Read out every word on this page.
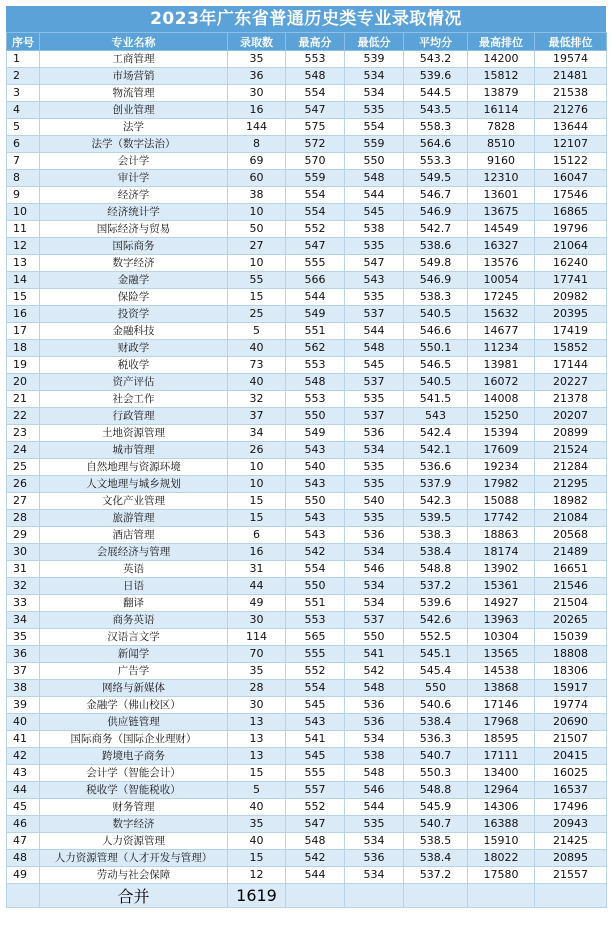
2023年广东省普通历史类专业录取情况
序号	专业名称	录取数	最高分	最低分	平均分	最高排位	最低排位
1	工商管理	35	553	539	543.2	14200	19574
2	市场营销	36	548	534	539.6	15812	21481
3	物流管理	30	554	534	544.5	13879	21538
4	创业管理	16	547	535	543.5	16114	21276
5	法学	144	575	554	558.3	7828	13644
6	法学（数字法治）	8	572	559	564.6	8510	12107
7	会计学	69	570	550	553.3	9160	15122
8	审计学	60	559	548	549.5	12310	16047
9	经济学	38	554	544	546.7	13601	17546
10	经济统计学	10	554	545	546.9	13675	16865
11	国际经济与贸易	50	552	538	542.7	14549	19796
12	国际商务	27	547	535	538.6	16327	21064
13	数字经济	10	555	547	549.8	13576	16240
14	金融学	55	566	543	546.9	10054	17741
15	保险学	15	544	535	538.3	17245	20982
16	投资学	25	549	537	540.5	15632	20395
17	金融科技	5	551	544	546.6	14677	17419
18	财政学	40	562	548	550.1	11234	15852
19	税收学	73	553	545	546.5	13981	17144
20	资产评估	40	548	537	540.5	16072	20227
21	社会工作	32	553	535	541.5	14008	21378
22	行政管理	37	550	537	543	15250	20207
23	土地资源管理	34	549	536	542.4	15394	20899
24	城市管理	26	543	534	542.1	17609	21524
25	自然地理与资源环境	10	540	535	536.6	19234	21284
26	人文地理与城乡规划	10	543	535	537.9	17982	21295
27	文化产业管理	15	550	540	542.3	15088	18982
28	旅游管理	15	543	535	539.5	17742	21084
29	酒店管理	6	543	536	538.3	18863	20568
30	会展经济与管理	16	542	534	538.4	18174	21489
31	英语	31	554	546	548.8	13902	16651
32	日语	44	550	534	537.2	15361	21546
33	翻译	49	551	534	539.6	14927	21504
34	商务英语	30	553	537	542.6	13963	20265
35	汉语言文学	114	565	550	552.5	10304	15039
36	新闻学	70	555	541	545.1	13565	18808
37	广告学	35	552	542	545.4	14538	18306
38	网络与新媒体	28	554	548	550	13868	15917
39	金融学（佛山校区）	30	545	536	540.6	17146	19774
40	供应链管理	13	543	536	538.4	17968	20690
41	国际商务（国际企业理财）	13	541	534	536.3	18595	21507
42	跨境电子商务	13	545	538	540.7	17111	20415
43	会计学（智能会计）	15	555	548	550.3	13400	16025
44	税收学（智能税收）	5	557	546	548.8	12964	16537
45	财务管理	40	552	544	545.9	14306	17496
46	数字经济	35	547	535	540.7	16388	20943
47	人力资源管理	40	548	534	538.5	15910	21425
48	人力资源管理（人才开发与管理）	15	542	536	538.4	18022	20895
49	劳动与社会保障	12	544	534	537.2	17580	21557
	合并	1619					
